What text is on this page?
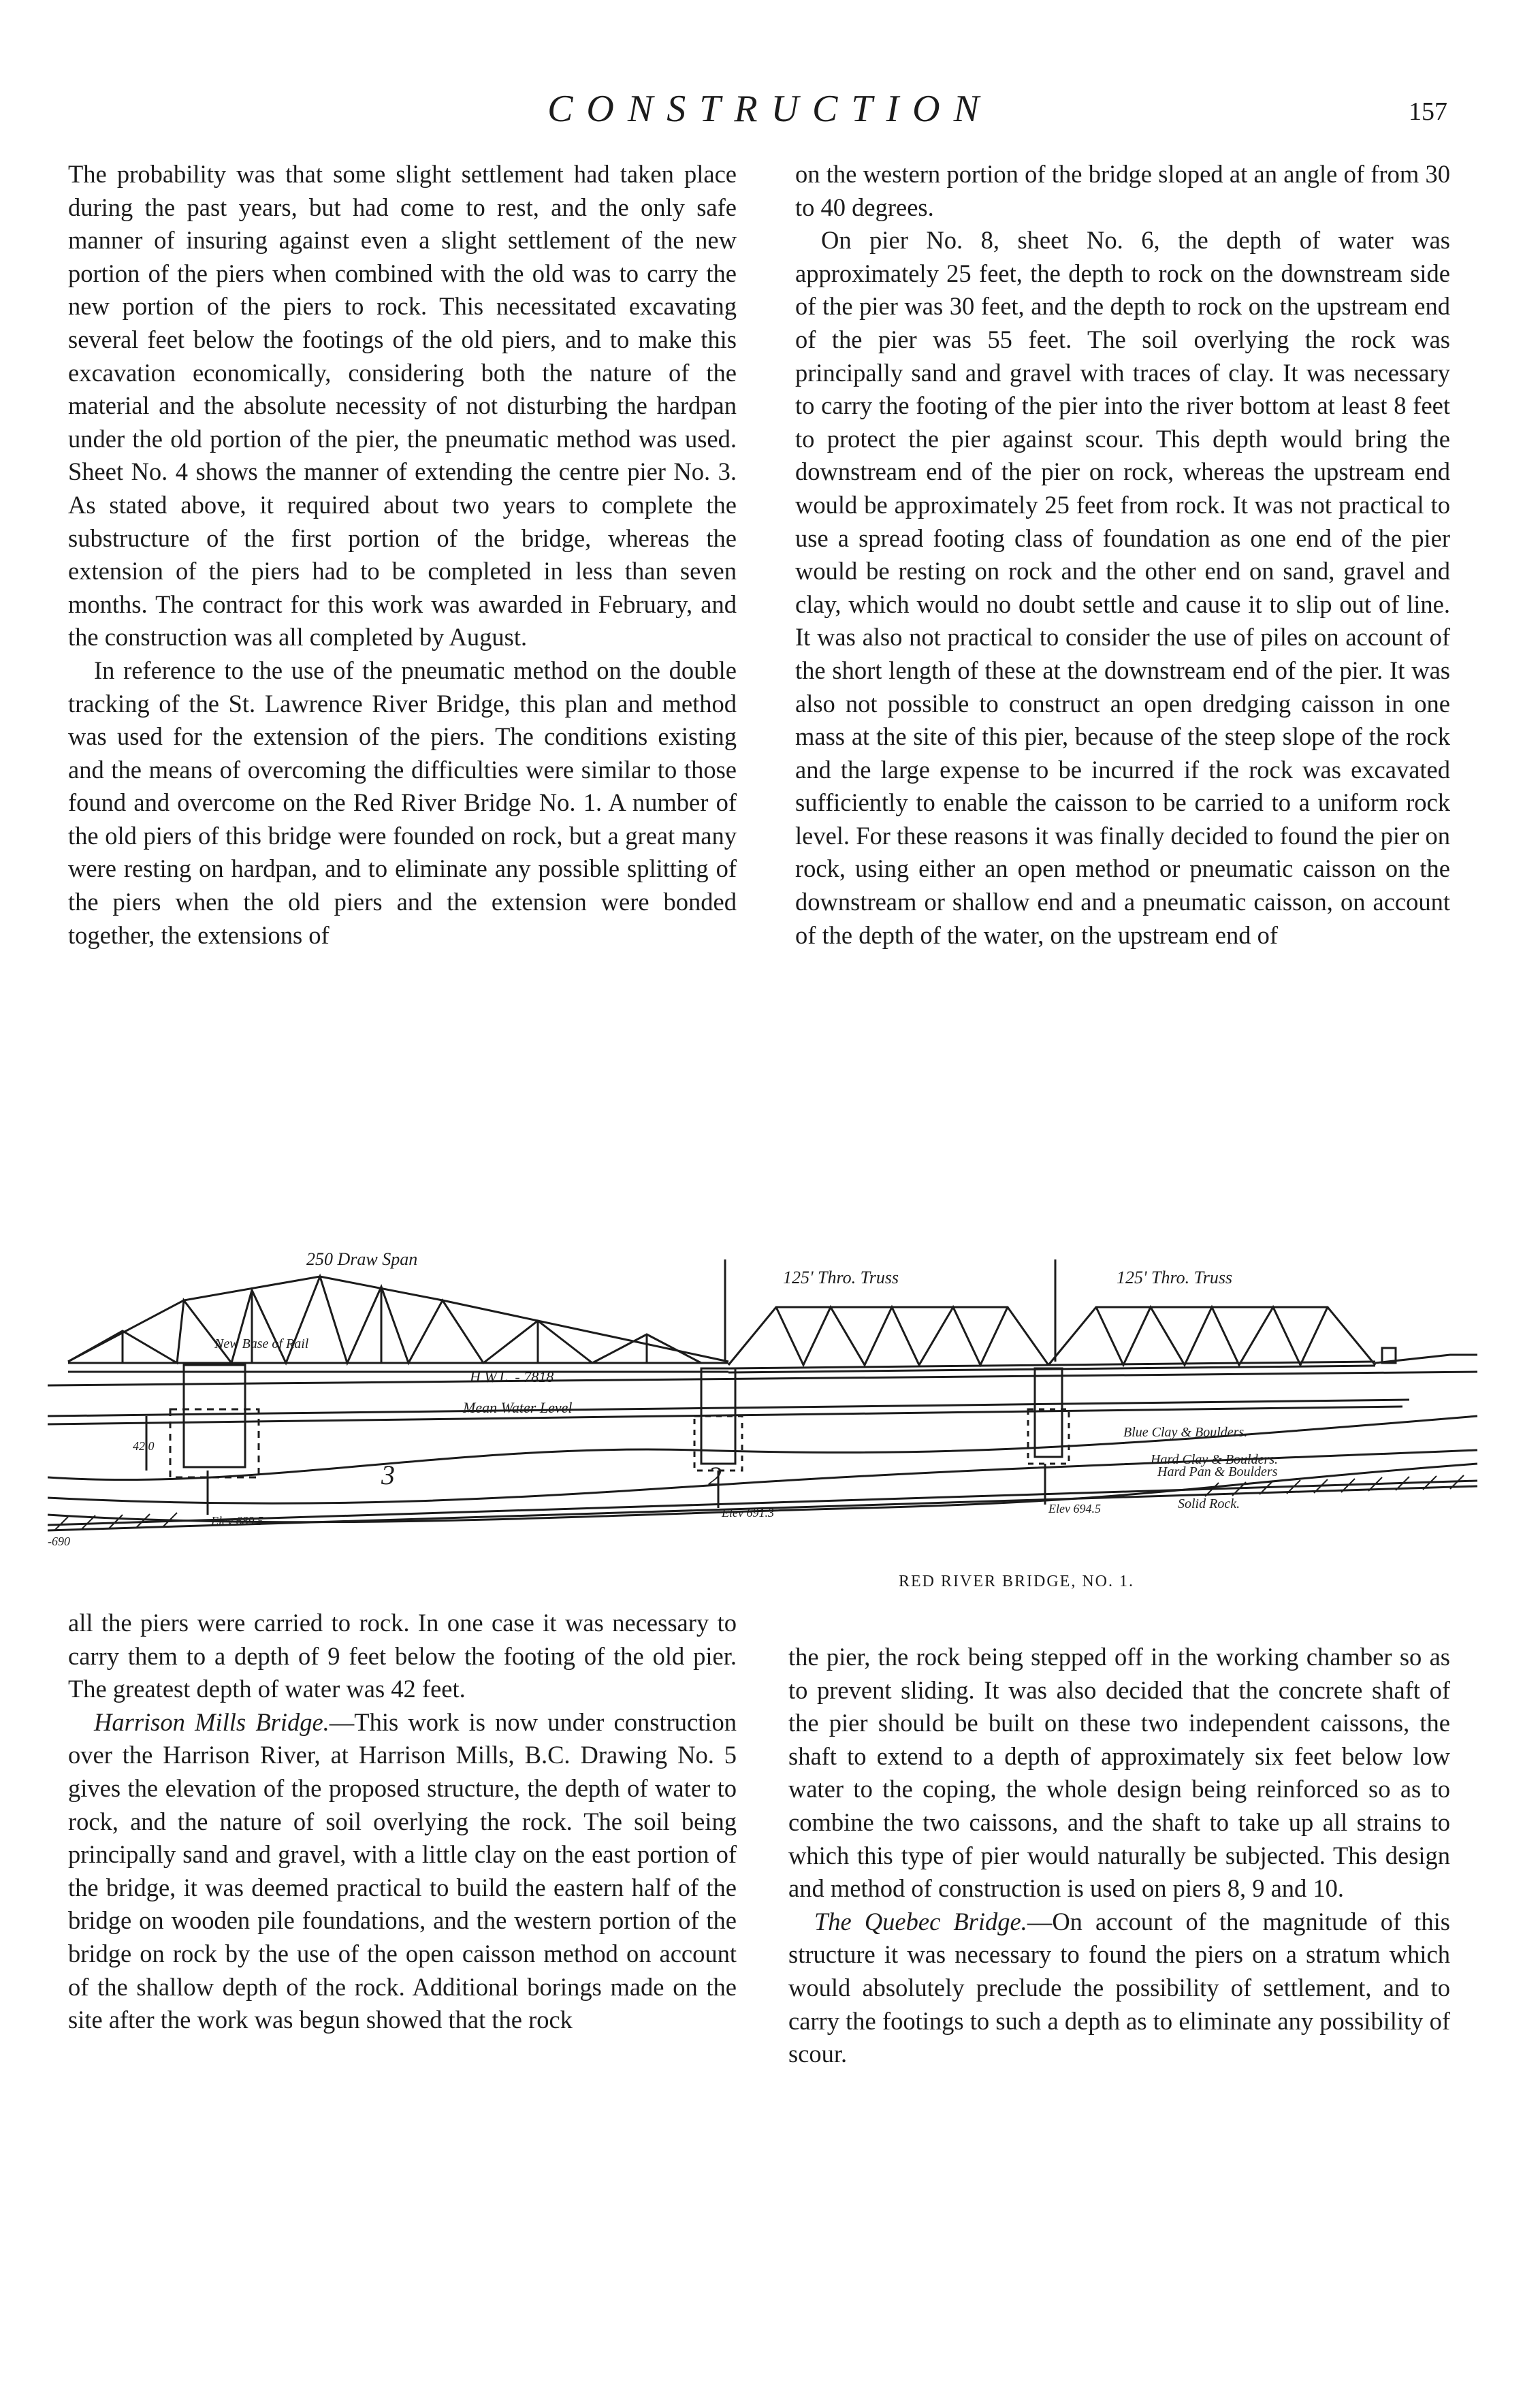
CONSTRUCTION	157

The probability was that some slight settlement had taken place during the past years, but had come to rest, and the only safe manner of insuring against even a slight settlement of the new portion of the piers when combined with the old was to carry the new portion of the piers to rock. This necessitated excavating several feet below the footings of the old piers, and to make this excavation economically, considering both the nature of the material and the absolute necessity of not disturbing the hardpan under the old portion of the pier, the pneumatic method was used. Sheet No. 4 shows the manner of extending the centre pier No. 3. As stated above, it required about two years to complete the substructure of the first portion of the bridge, whereas the extension of the piers had to be completed in less than seven months. The contract for this work was awarded in February, and the construction was all completed by August.

In reference to the use of the pneumatic method on the double tracking of the St. Lawrence River Bridge, this plan and method was used for the extension of the piers. The conditions existing and the means of overcoming the difficulties were similar to those found and overcome on the Red River Bridge No. 1. A number of the old piers of this bridge were founded on rock, but a great many were resting on hardpan, and to eliminate any possible splitting of the piers when the old piers and the extension were bonded together, the extensions of

on the western portion of the bridge sloped at an angle of from 30 to 40 degrees.

On pier No. 8, sheet No. 6, the depth of water was approximately 25 feet, the depth to rock on the downstream side of the pier was 30 feet, and the depth to rock on the upstream end of the pier was 55 feet. The soil overlying the rock was principally sand and gravel with traces of clay. It was necessary to carry the footing of the pier into the river bottom at least 8 feet to protect the pier against scour. This depth would bring the downstream end of the pier on rock, whereas the upstream end would be approximately 25 feet from rock. It was not practical to use a spread footing class of foundation as one end of the pier would be resting on rock and the other end on sand, gravel and clay, which would no doubt settle and cause it to slip out of line. It was also not practical to consider the use of piles on account of the short length of these at the downstream end of the pier. It was also not possible to construct an open dredging caisson in one mass at the site of this pier, because of the steep slope of the rock and the large expense to be incurred if the rock was excavated sufficiently to enable the caisson to be carried to a uniform rock level. For these reasons it was finally decided to found the pier on rock, using either an open method or pneumatic caisson on the downstream or shallow end and a pneumatic caisson, on account of the depth of the water, on the upstream end of

250 Draw Span
125' Thro. Truss	125' Thro. Truss
New Base of Rail
H.W.L. - 7818
Mean Water Level
Blue Clay & Boulders.
Hard Clay & Boulders.
Hard Pan & Boulders
Solid Rock.
-690
Elev 689.5
Elev 691.3	Elev 694.5
42.0
3	2
RED RIVER BRIDGE, NO. 1.

all the piers were carried to rock. In one case it was necessary to carry them to a depth of 9 feet below the footing of the old pier. The greatest depth of water was 42 feet.

Harrison Mills Bridge.—This work is now under construction over the Harrison River, at Harrison Mills, B.C. Drawing No. 5 gives the elevation of the proposed structure, the depth of water to rock, and the nature of soil overlying the rock. The soil being principally sand and gravel, with a little clay on the east portion of the bridge, it was deemed practical to build the eastern half of the bridge on wooden pile foundations, and the western portion of the bridge on rock by the use of the open caisson method on account of the shallow depth of the rock. Additional borings made on the site after the work was begun showed that the rock

the pier, the rock being stepped off in the working chamber so as to prevent sliding. It was also decided that the concrete shaft of the pier should be built on these two independent caissons, the shaft to extend to a depth of approximately six feet below low water to the coping, the whole design being reinforced so as to combine the two caissons, and the shaft to take up all strains to which this type of pier would naturally be subjected. This design and method of construction is used on piers 8, 9 and 10.

The Quebec Bridge.—On account of the magnitude of this structure it was necessary to found the piers on a stratum which would absolutely preclude the possibility of settlement, and to carry the footings to such a depth as to eliminate any possibility of scour.
